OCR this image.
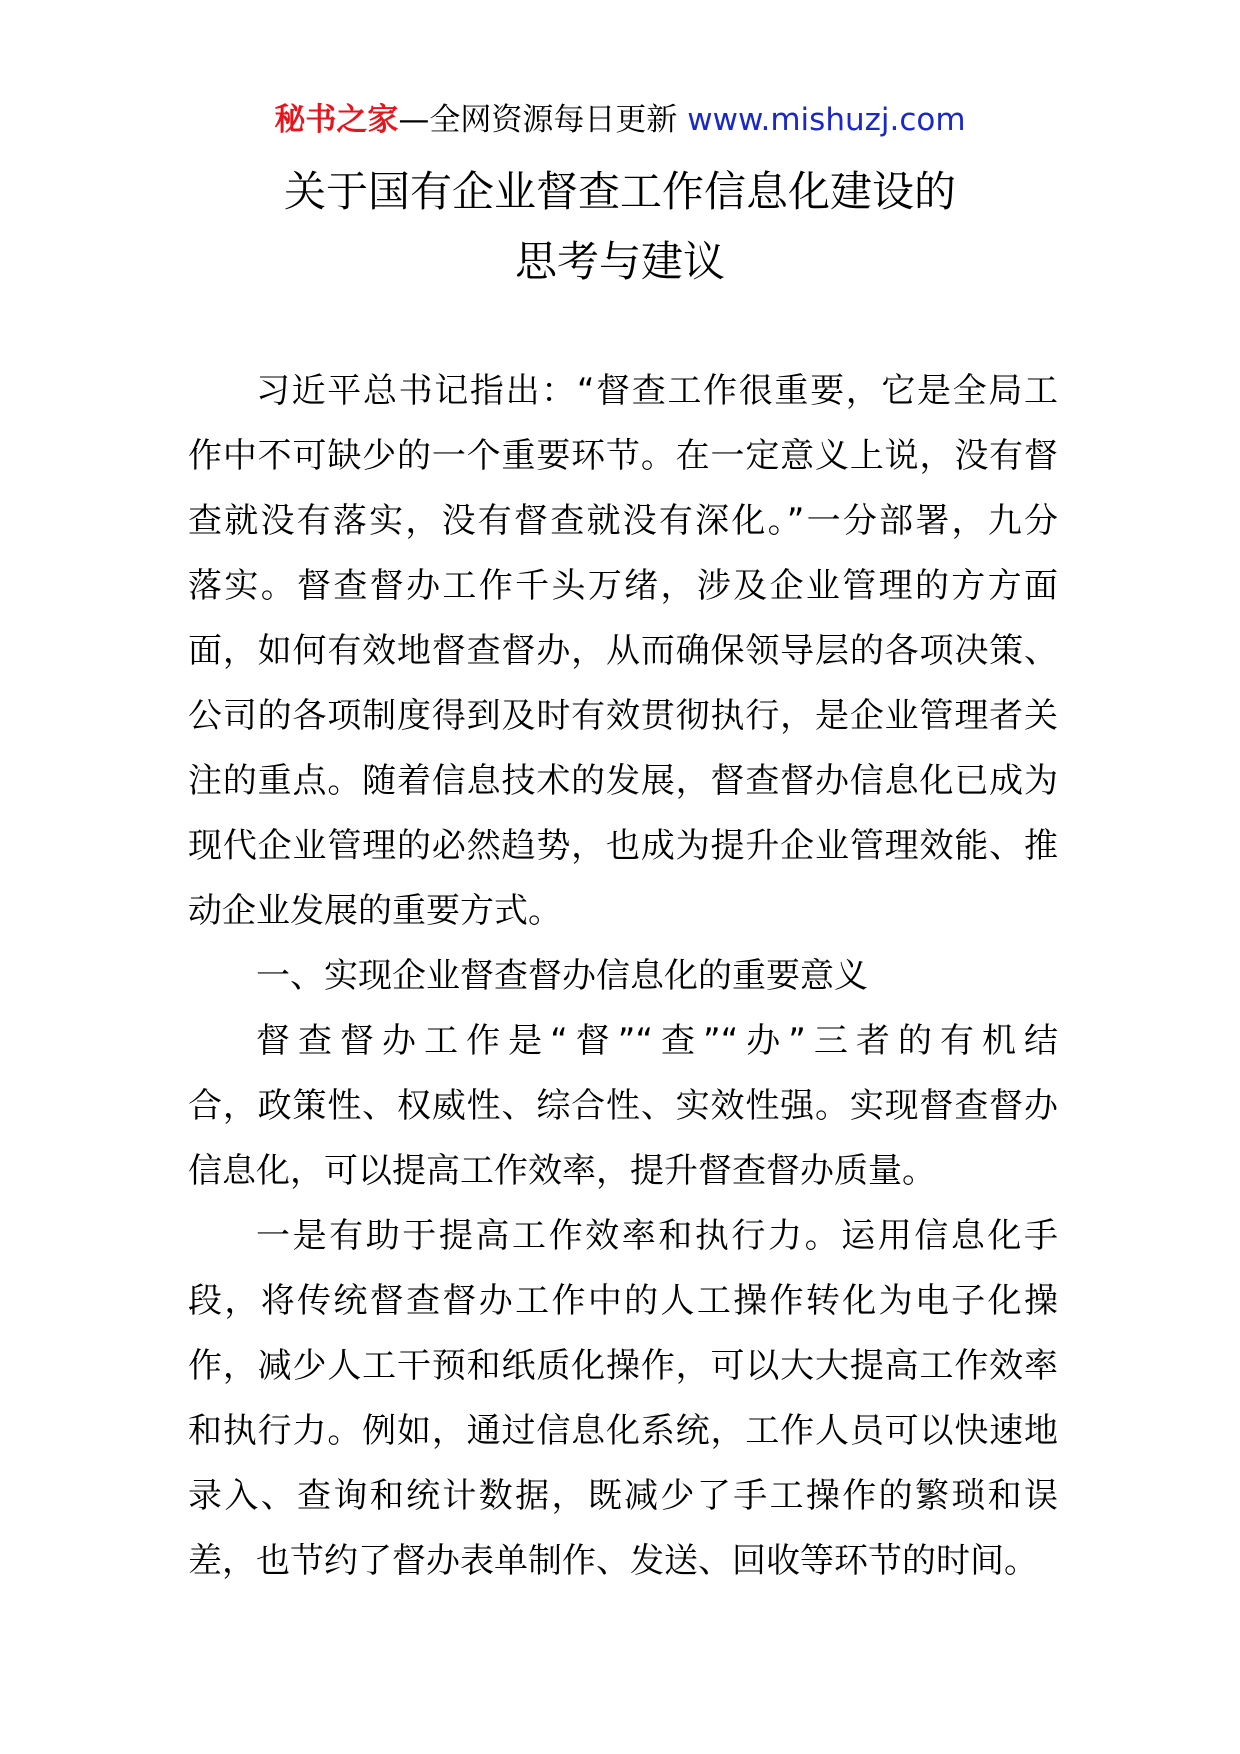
秘书之家—全网资源每日更新 www.mishuzj.com
关于国有企业督查工作信息化建设的
思考与建议

习近平总书记指出：“督查工作很重要，它是全局工
作中不可缺少的一个重要环节。在一定意义上说，没有督
查就没有落实，没有督查就没有深化。”一分部署，九分
落实。督查督办工作千头万绪，涉及企业管理的方方面
面，如何有效地督查督办，从而确保领导层的各项决策、
公司的各项制度得到及时有效贯彻执行，是企业管理者关
注的重点。随着信息技术的发展，督查督办信息化已成为
现代企业管理的必然趋势，也成为提升企业管理效能、推
动企业发展的重要方式。

一、实现企业督查督办信息化的重要意义

督查督办工作是“督”“查”“办”三者的有机结
合，政策性、权威性、综合性、实效性强。实现督查督办
信息化，可以提高工作效率，提升督查督办质量。

一是有助于提高工作效率和执行力。运用信息化手
段，将传统督查督办工作中的人工操作转化为电子化操
作，减少人工干预和纸质化操作，可以大大提高工作效率
和执行力。例如，通过信息化系统，工作人员可以快速地
录入、查询和统计数据，既减少了手工操作的繁琐和误
差，也节约了督办表单制作、发送、回收等环节的时间。
